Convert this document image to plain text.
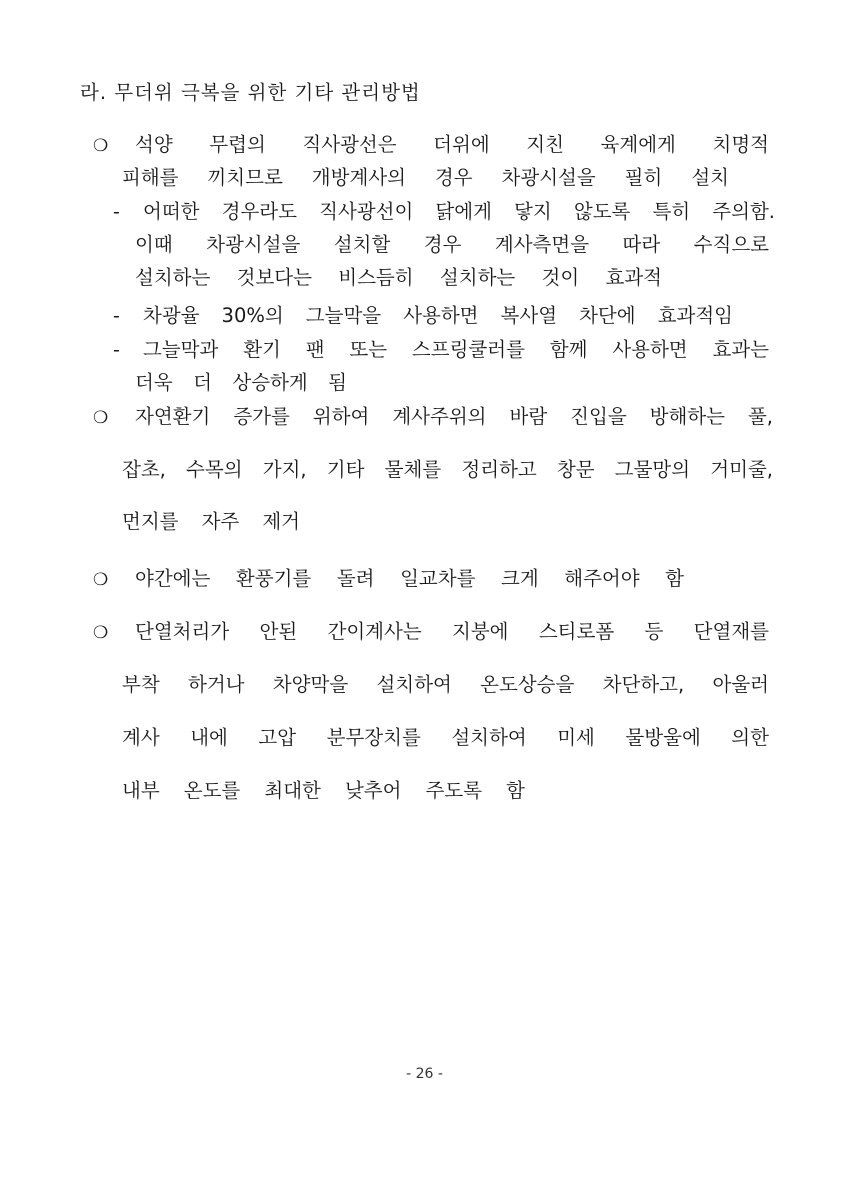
라. 무더위 극복을 위한 기타 관리방법
❍ 석양 무렵의 직사광선은 더위에 지친 육계에게 치명적
피해를 끼치므로 개방계사의 경우 차광시설을 필히 설치
- 어떠한 경우라도 직사광선이 닭에게 닿지 않도록 특히 주의함.
이때 차광시설을 설치할 경우 계사측면을 따라 수직으로
설치하는 것보다는 비스듬히 설치하는 것이 효과적
- 차광율 30%의 그늘막을 사용하면 복사열 차단에 효과적임
- 그늘막과 환기 팬 또는 스프링쿨러를 함께 사용하면 효과는
더욱 더 상승하게 됨
❍ 자연환기 증가를 위하여 계사주위의 바람 진입을 방해하는 풀,
잡초, 수목의 가지, 기타 물체를 정리하고 창문 그물망의 거미줄,
먼지를 자주 제거
❍ 야간에는 환풍기를 돌려 일교차를 크게 해주어야 함
❍ 단열처리가 안된 간이계사는 지붕에 스티로폼 등 단열재를
부착 하거나 차양막을 설치하여 온도상승을 차단하고, 아울러
계사 내에 고압 분무장치를 설치하여 미세 물방울에 의한
내부 온도를 최대한 낮추어 주도록 함
- 26 -
